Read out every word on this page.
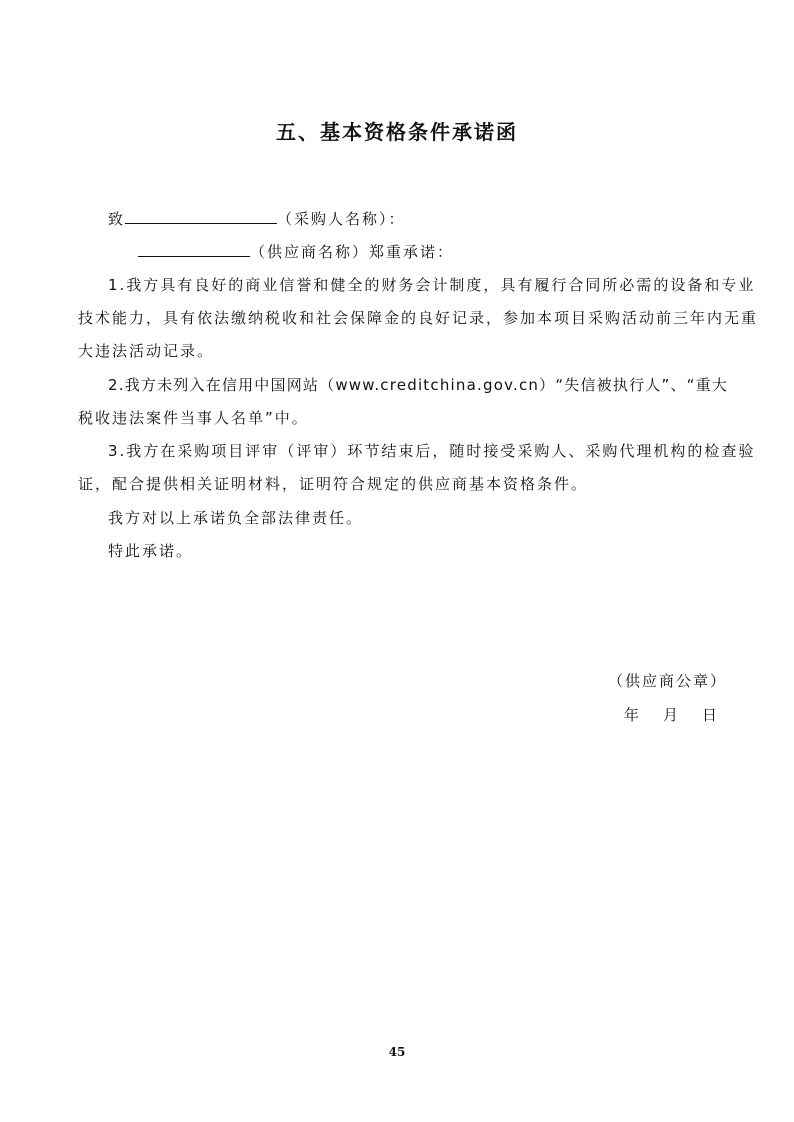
五、基本资格条件承诺函
致	（采购人名称）：
（供应商名称）郑重承诺：
1.我方具有良好的商业信誉和健全的财务会计制度，具有履行合同所必需的设备和专业
技术能力，具有依法缴纳税收和社会保障金的良好记录，参加本项目采购活动前三年内无重
大违法活动记录。
2.我方未列入在信用中国网站（www.creditchina.gov.cn）“失信被执行人”、“重大
税收违法案件当事人名单”中。
3.我方在采购项目评审（评审）环节结束后，随时接受采购人、采购代理机构的检查验
证，配合提供相关证明材料，证明符合规定的供应商基本资格条件。
我方对以上承诺负全部法律责任。
特此承诺。
（供应商公章）
年 月 日
45
